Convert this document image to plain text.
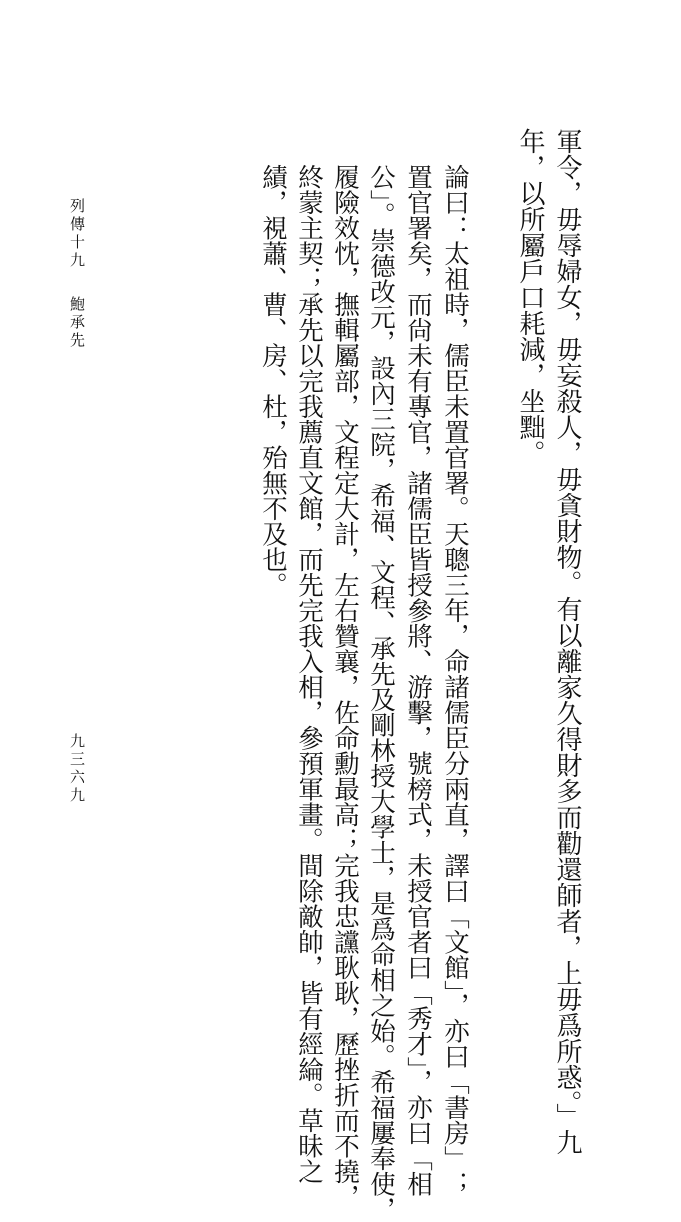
軍令，毋辱婦女，毋妄殺人，毋貪財物。有以離家久得財多而勸還師者，上毋爲所惑。」九
年，以所屬戶口耗減，坐黜。
論曰：太祖時，儒臣未置官署。天聰三年，命諸儒臣分兩直，譯曰「文館」，亦曰「書房」；
置官署矣，而尙未有專官，諸儒臣皆授參將、游擊，號榜式，未授官者曰「秀才」，亦曰「相
公」。崇德改元，設內三院，希福、文程、承先及剛林授大學士，是爲命相之始。希福屢奉使，
履險效忱，撫輯屬部，文程定大計，左右贊襄，佐命勳最高；完我忠讜耿耿，歷挫折而不撓，
終蒙主契；承先以完我薦直文館，而先完我入相，參預軍畫。間除敵帥，皆有經綸。草昧之
績，視蕭、曹、房、杜，殆無不及也。
列傳十九
鮑承先
九三六九
